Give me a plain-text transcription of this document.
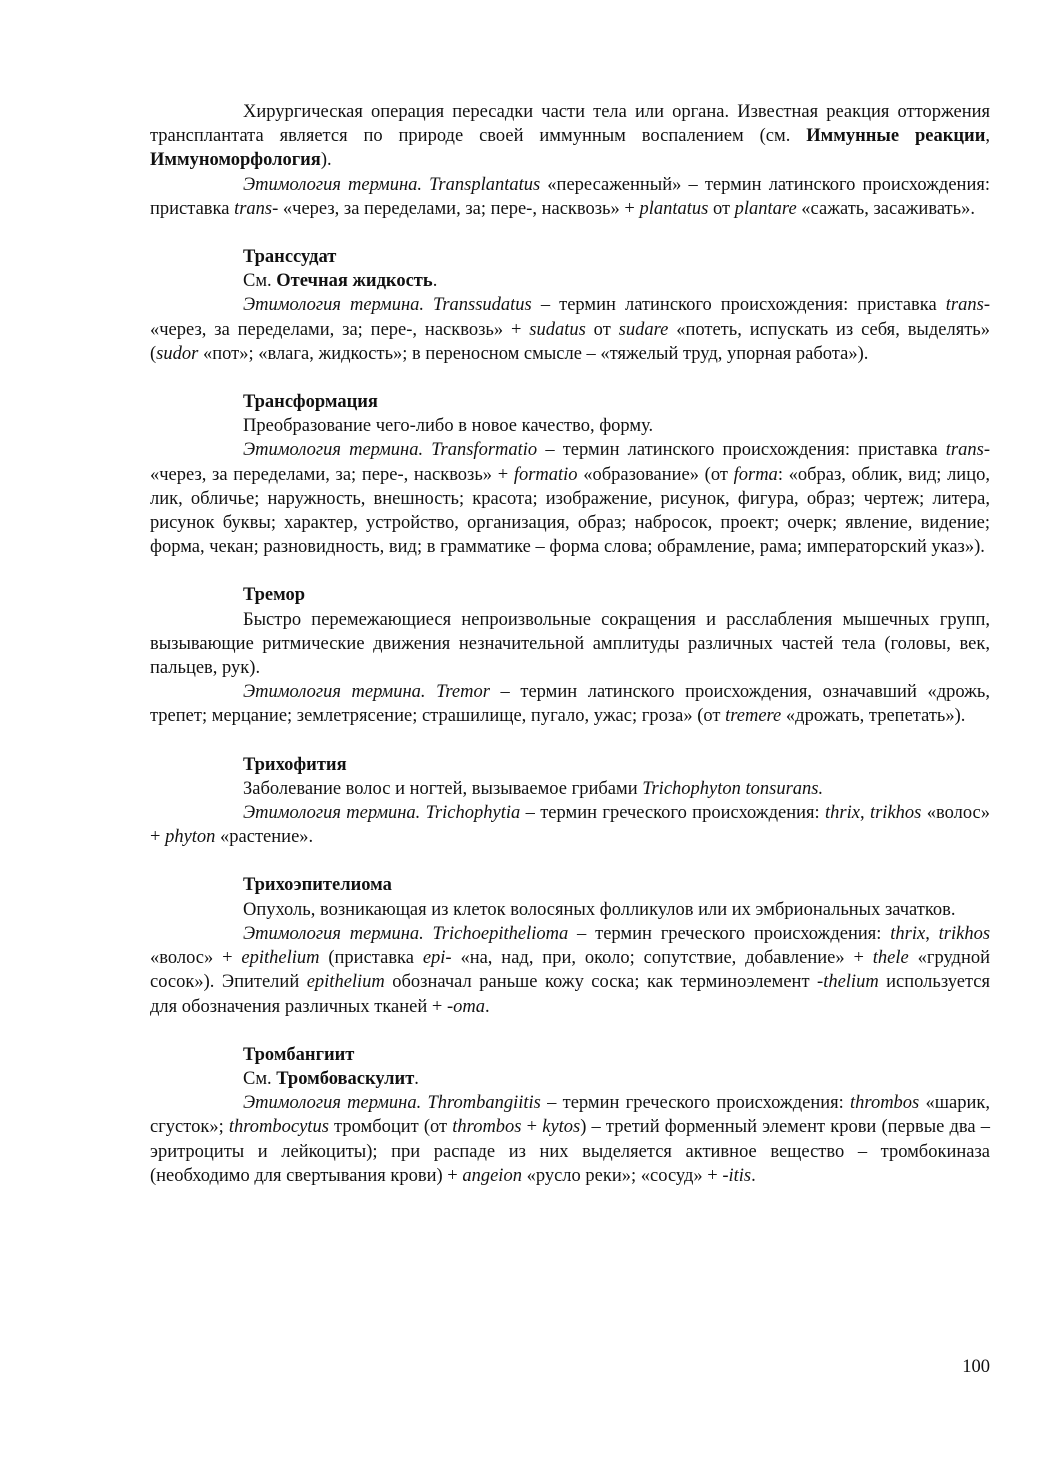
Хирургическая операция пересадки части тела или органа. Известная реакция отторжения трансплантата является по природе своей иммунным воспалением (см. Иммунные реакции, Иммуноморфология).

Этимология термина. Transplantatus «пересаженный» – термин латинского происхождения: приставка trans- «через, за переделами, за; пере-, насквозь» + plantatus от plantare «сажать, засаживать».

Транссудат

См. Отечная жидкость.

Этимология термина. Transsudatus – термин латинского происхождения: приставка trans- «через, за переделами, за; пере-, насквозь» + sudatus от sudare «потеть, испускать из себя, выделять» (sudor «пот»; «влага, жидкость»; в переносном смысле – «тяжелый труд, упорная работа»).

Трансформация

Преобразование чего-либо в новое качество, форму.

Этимология термина. Transformatio – термин латинского происхождения: приставка trans- «через, за переделами, за; пере-, насквозь» + formatio «образование» (от forma: «образ, облик, вид; лицо, лик, обличье; наружность, внешность; красота; изображение, рисунок, фигура, образ; чертеж; литера, рисунок буквы; характер, устройство, организация, образ; набросок, проект; очерк; явление, видение; форма, чекан; разновидность, вид; в грамматике – форма слова; обрамление, рама; императорский указ»).

Тремор

Быстро перемежающиеся непроизвольные сокращения и расслабления мышечных групп, вызывающие ритмические движения незначительной амплитуды различных частей тела (головы, век, пальцев, рук).

Этимология термина. Tremor – термин латинского происхождения, означавший «дрожь, трепет; мерцание; землетрясение; страшилище, пугало, ужас; гроза» (от tremere «дрожать, трепетать»).

Трихофития

Заболевание волос и ногтей, вызываемое грибами Trichophyton tonsurans.

Этимология термина. Trichophytia – термин греческого происхождения: thrix, trikhos «волос» + phyton «растение».

Трихоэпителиома

Опухоль, возникающая из клеток волосяных фолликулов или их эмбриональных зачатков.

Этимология термина. Trichoepithelioma – термин греческого происхождения: thrix, trikhos «волос» + epithelium (приставка epi- «на, над, при, около; сопутствие, добавление» + thele «грудной сосок»). Эпителий epithelium обозначал раньше кожу соска; как терминоэлемент -thelium используется для обозначения различных тканей + -oma.

Тромбангиит

См. Тромбоваскулит.

Этимология термина. Thrombangiitis – термин греческого происхождения: thrombos «шарик, сгусток»; thrombocytus тромбоцит (от thrombos + kytos) – третий форменный элемент крови (первые два – эритроциты и лейкоциты); при распаде из них выделяется активное вещество – тромбокиназа (необходимо для свертывания крови) + angeion «русло реки»; «сосуд» + -itis.

100
